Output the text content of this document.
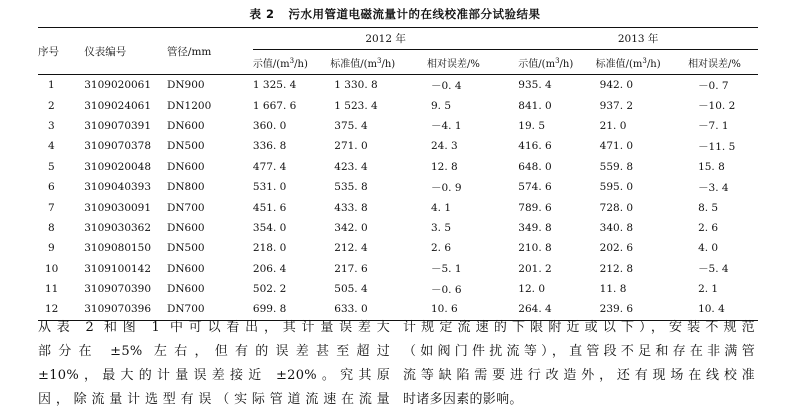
表 2 污水用管道电磁流量计的在线校准部分试验结果
序号	仪表编号	管径/mm	2012 年			2013 年		
			示值$/(m^3/h)$	标准值$/(m^3/h)$	相对误差/%	示值$/(m^3/h)$	标准值$/(m^3/h)$	相对误差/%
1	3109020061	DN900	1 325. 4	1 330. 8	－0. 4	935. 4	942. 0	－0. 7
2	3109024061	DN1200	1 667. 6	1 523. 4	9. 5	841. 0	937. 2	－10. 2
3	3109070391	DN600	360. 0	375. 4	－4. 1	19. 5	21. 0	－7. 1
4	3109070378	DN500	336. 8	271. 0	24. 3	416. 6	471. 0	－11. 5
5	3109020048	DN600	477. 4	423. 4	12. 8	648. 0	559. 8	15. 8
6	3109040393	DN800	531. 0	535. 8	－0. 9	574. 6	595. 0	－3. 4
7	3109030091	DN700	451. 6	433. 8	4. 1	789. 6	728. 0	8. 5
8	3109030362	DN600	354. 0	342. 0	3. 5	349. 8	340. 8	2. 6
9	3109080150	DN500	218. 0	212. 4	2. 6	210. 8	202. 6	4. 0
10	3109100142	DN600	206. 4	217. 6	－5. 1	201. 2	212. 8	－5. 4
11	3109070390	DN600	502. 2	505. 4	－0. 6	12. 0	11. 8	2. 1
12	3109070396	DN700	699. 8	633. 0	10. 6	264. 4	239. 6	10. 4
从表 2 和图 1 中可以看出，其计量误差大
部分在 ±5% 左右，但有的误差甚至超过
±10%，最大的计量误差接近 ±20%。究其原
因，除流量计选型有误（实际管道流速在流量
计规定流速的下限附近或以下），安装不规范
（如阀门件扰流等），直管段不足和存在非满管
流等缺陷需要进行改造外，还有现场在线校准
时诸多因素的影响。
